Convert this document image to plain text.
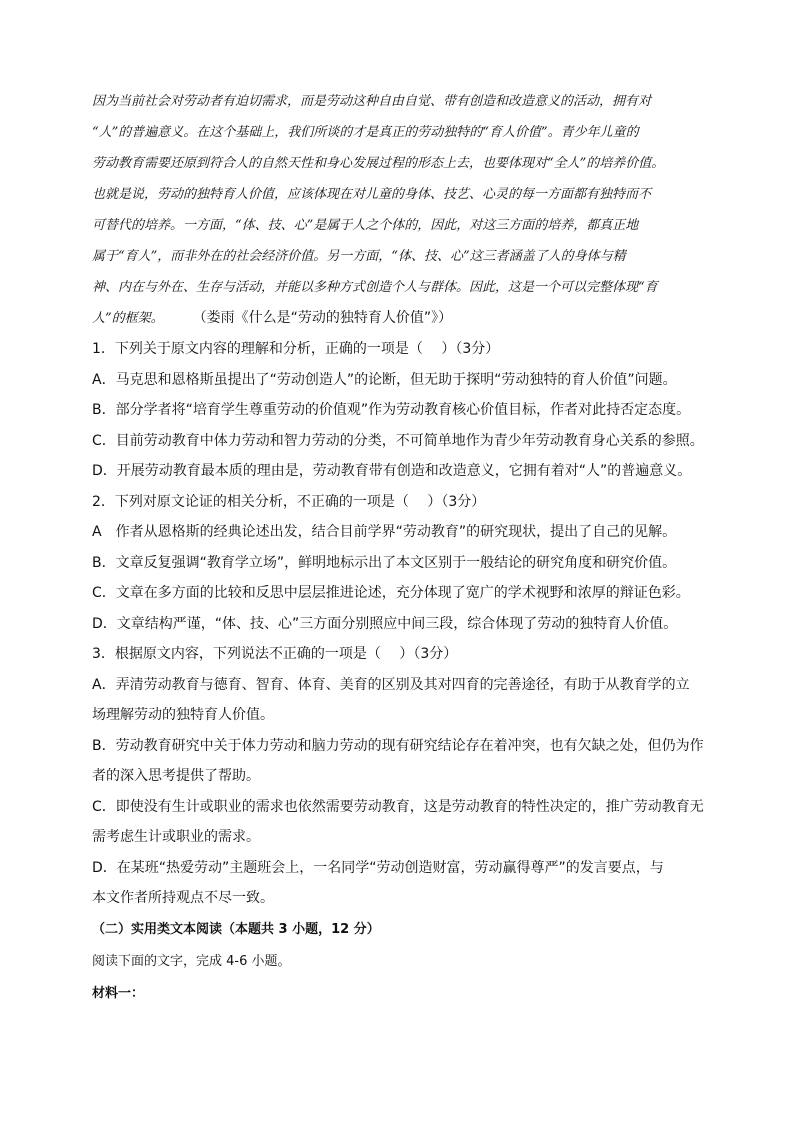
因为当前社会对劳动者有迫切需求，而是劳动这种自由自觉、带有创造和改造意义的活动，拥有对

“人”的普遍意义。在这个基础上，我们所谈的才是真正的劳动独特的“育人价值”。青少年儿童的

劳动教育需要还原到符合人的自然天性和身心发展过程的形态上去，也要体现对“全人”的培养价值。

也就是说，劳动的独特育人价值，应该体现在对儿童的身体、技艺、心灵的每一方面都有独特而不

可替代的培养。一方面，“体、技、心”是属于人之个体的，因此，对这三方面的培养，都真正地

属于“育人”，而非外在的社会经济价值。另一方面，“体、技、心”这三者涵盖了人的身体与精

神、内在与外在、生存与活动，并能以多种方式创造个人与群体。因此，这是一个可以完整体现“育

人”的框架。	（娄雨《什么是“劳动的独特育人价值”》）

1．下列关于原文内容的理解和分析，正确的一项是（　 ）（3分）

A．马克思和恩格斯虽提出了“劳动创造人”的论断，但无助于探明“劳动独特的育人价值”问题。

B．部分学者将“培育学生尊重劳动的价值观”作为劳动教育核心价值目标，作者对此持否定态度。

C．目前劳动教育中体力劳动和智力劳动的分类，不可简单地作为青少年劳动教育身心关系的参照。

D．开展劳动教育最本质的理由是，劳动教育带有创造和改造意义，它拥有着对“人”的普遍意义。

2．下列对原文论证的相关分析，不正确的一项是（　 ）（3分）

A　作者从恩格斯的经典论述出发，结合目前学界“劳动教育”的研究现状，提出了自己的见解。

B．文章反复强调“教育学立场”，鲜明地标示出了本文区别于一般结论的研究角度和研究价值。

C．文章在多方面的比较和反思中层层推进论述，充分体现了宽广的学术视野和浓厚的辩证色彩。

D．文章结构严谨，“体、技、心”三方面分别照应中间三段，综合体现了劳动的独特育人价值。

3．根据原文内容，下列说法不正确的一项是（　 ）（3分）

A．弄清劳动教育与德育、智育、体育、美育的区别及其对四育的完善途径，有助于从教育学的立

场理解劳动的独特育人价值。

B．劳动教育研究中关于体力劳动和脑力劳动的现有研究结论存在着冲突，也有欠缺之处，但仍为作

者的深入思考提供了帮助。

C．即使没有生计或职业的需求也依然需要劳动教育，这是劳动教育的特性决定的，推广劳动教育无

需考虑生计或职业的需求。

D．在某班“热爱劳动”主题班会上，一名同学“劳动创造财富，劳动赢得尊严”的发言要点，与

本文作者所持观点不尽一致。

（二）实用类文本阅读（本题共 3 小题，12 分）

阅读下面的文字，完成 4-6 小题。

材料一：
